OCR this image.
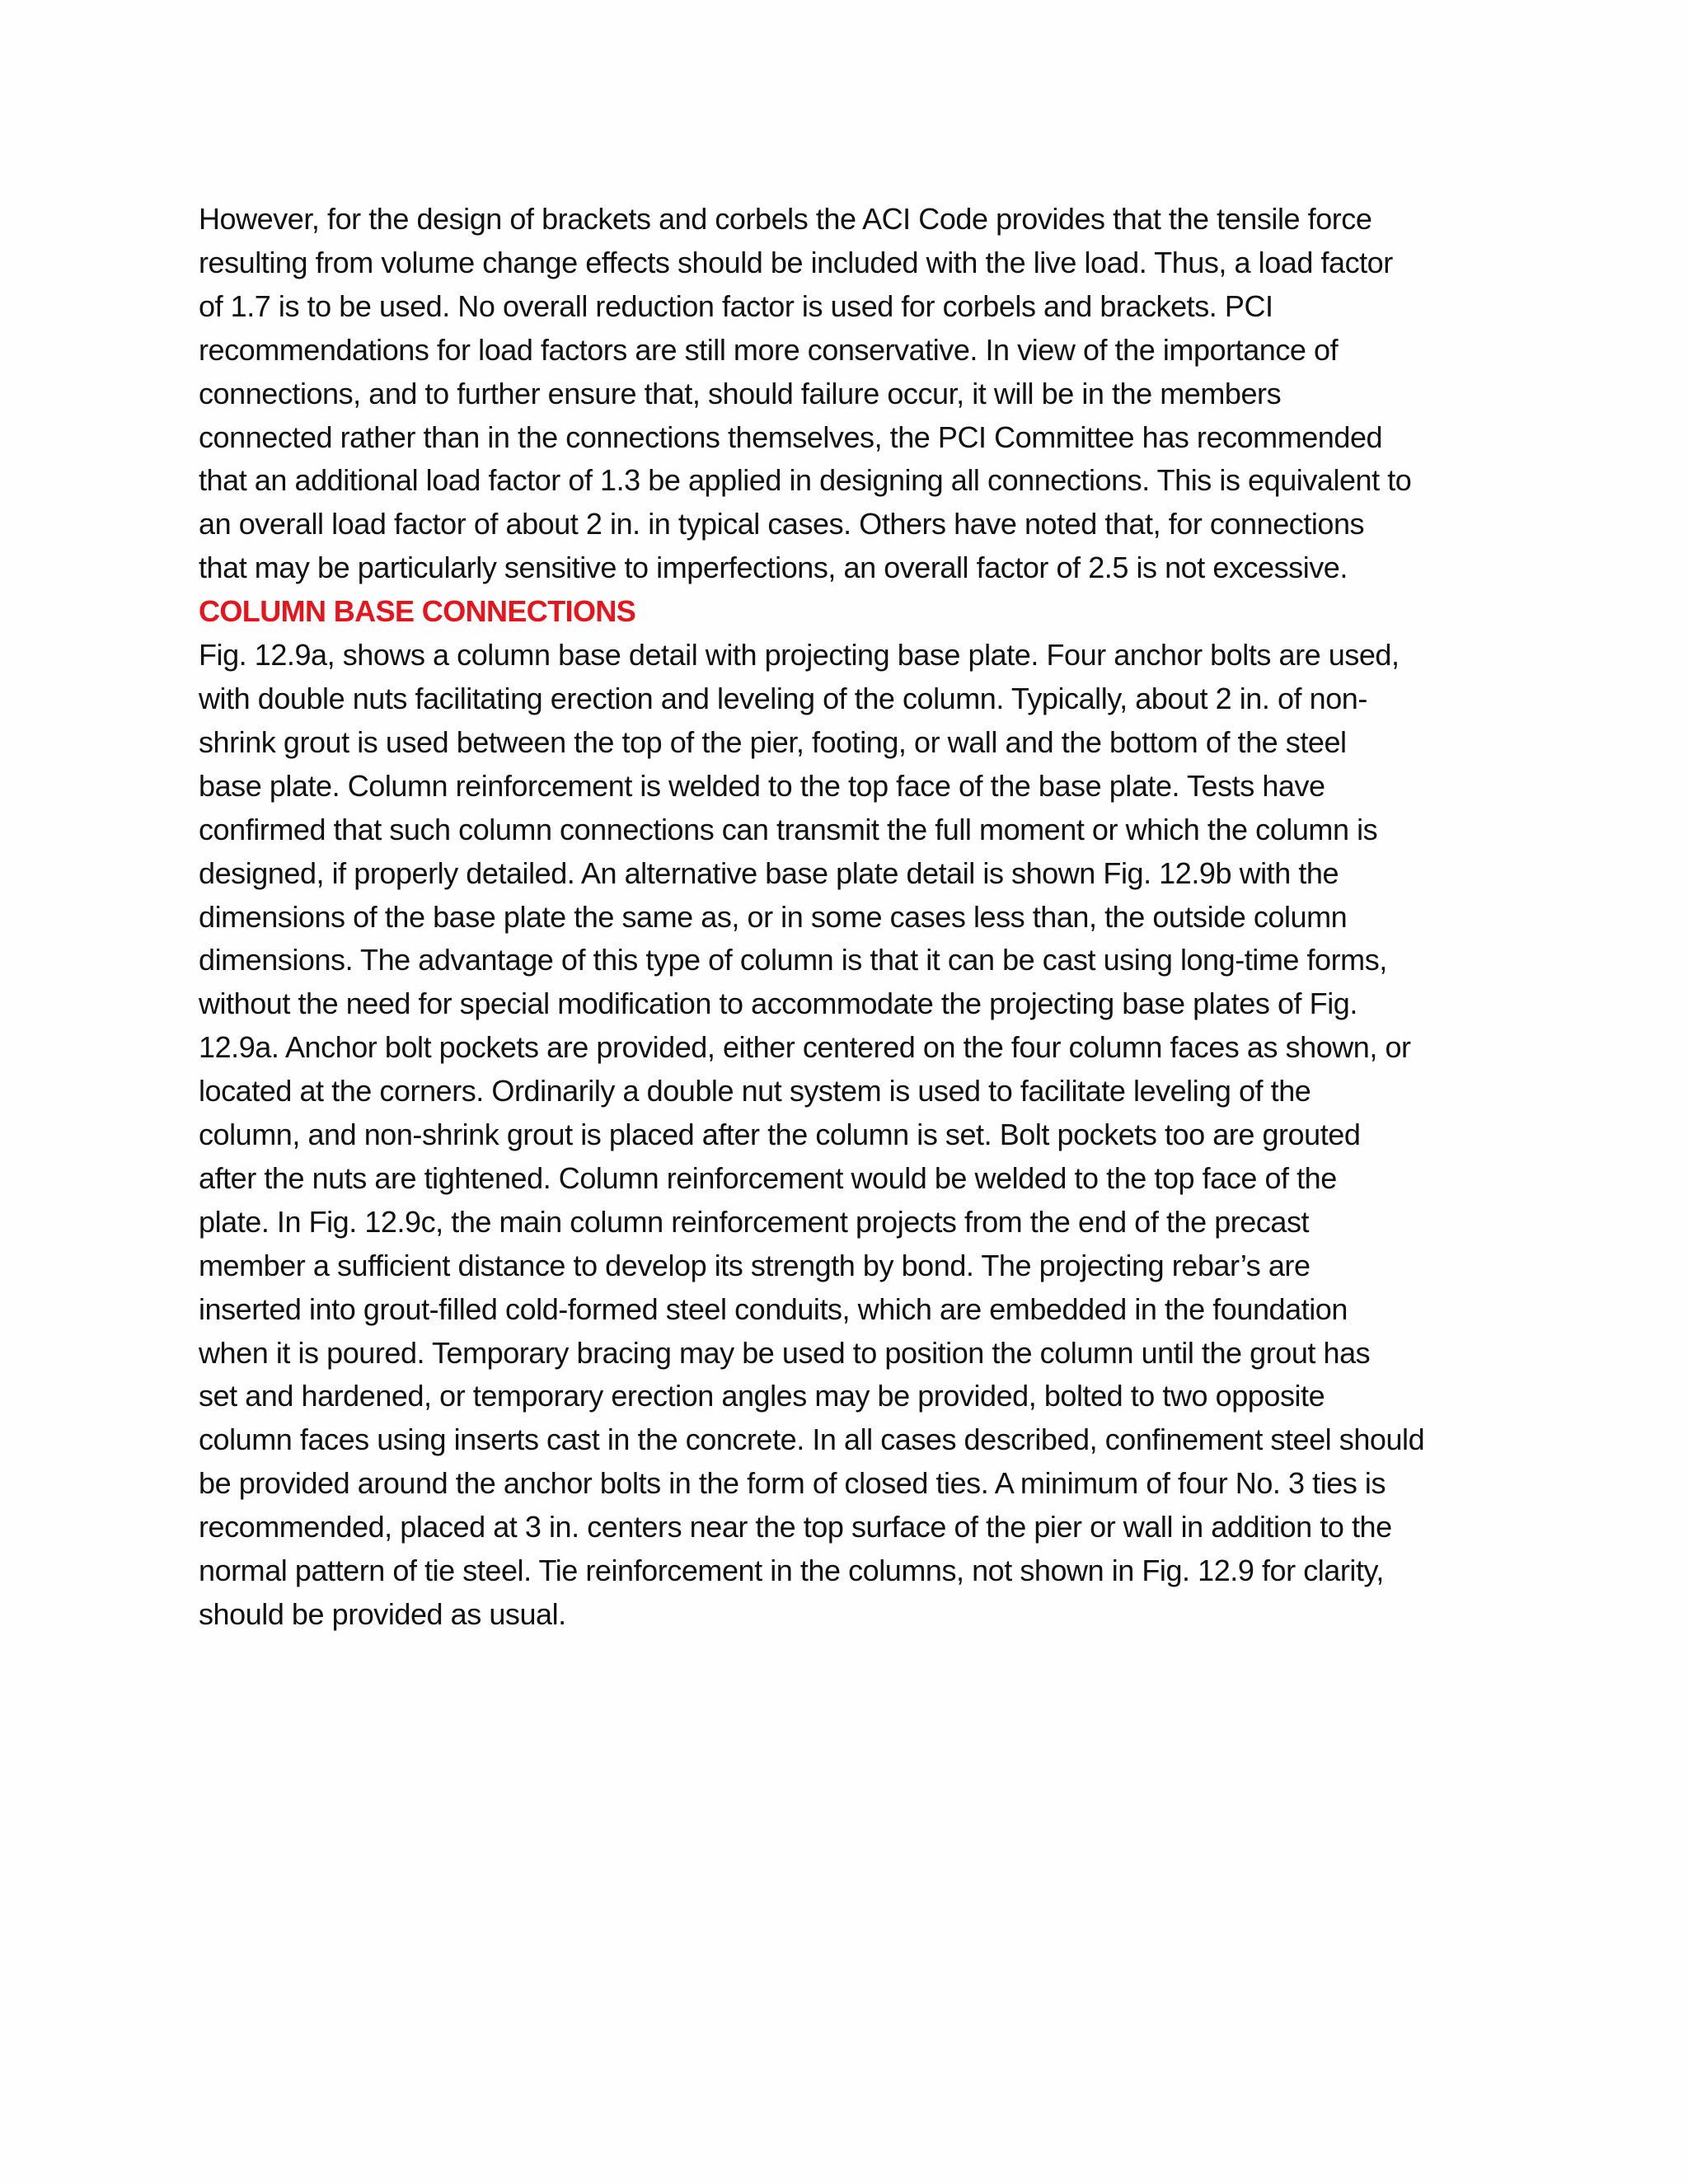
However, for the design of brackets and corbels the ACI Code provides that the tensile force
resulting from volume change effects should be included with the live load. Thus, a load factor
of 1.7 is to be used. No overall reduction factor is used for corbels and brackets. PCI
recommendations for load factors are still more conservative. In view of the importance of
connections, and to further ensure that, should failure occur, it will be in the members
connected rather than in the connections themselves, the PCI Committee has recommended
that an additional load factor of 1.3 be applied in designing all connections. This is equivalent to
an overall load factor of about 2 in. in typical cases. Others have noted that, for connections
that may be particularly sensitive to imperfections, an overall factor of 2.5 is not excessive.
COLUMN BASE CONNECTIONS
Fig. 12.9a, shows a column base detail with projecting base plate. Four anchor bolts are used,
with double nuts facilitating erection and leveling of the column. Typically, about 2 in. of non-
shrink grout is used between the top of the pier, footing, or wall and the bottom of the steel
base plate. Column reinforcement is welded to the top face of the base plate. Tests have
confirmed that such column connections can transmit the full moment or which the column is
designed, if properly detailed. An alternative base plate detail is shown Fig. 12.9b with the
dimensions of the base plate the same as, or in some cases less than, the outside column
dimensions. The advantage of this type of column is that it can be cast using long-time forms,
without the need for special modification to accommodate the projecting base plates of Fig.
12.9a. Anchor bolt pockets are provided, either centered on the four column faces as shown, or
located at the corners. Ordinarily a double nut system is used to facilitate leveling of the
column, and non-shrink grout is placed after the column is set. Bolt pockets too are grouted
after the nuts are tightened. Column reinforcement would be welded to the top face of the
plate. In Fig. 12.9c, the main column reinforcement projects from the end of the precast
member a sufficient distance to develop its strength by bond. The projecting rebar’s are
inserted into grout-filled cold-formed steel conduits, which are embedded in the foundation
when it is poured. Temporary bracing may be used to position the column until the grout has
set and hardened, or temporary erection angles may be provided, bolted to two opposite
column faces using inserts cast in the concrete. In all cases described, confinement steel should
be provided around the anchor bolts in the form of closed ties. A minimum of four No. 3 ties is
recommended, placed at 3 in. centers near the top surface of the pier or wall in addition to the
normal pattern of tie steel. Tie reinforcement in the columns, not shown in Fig. 12.9 for clarity,
should be provided as usual.
